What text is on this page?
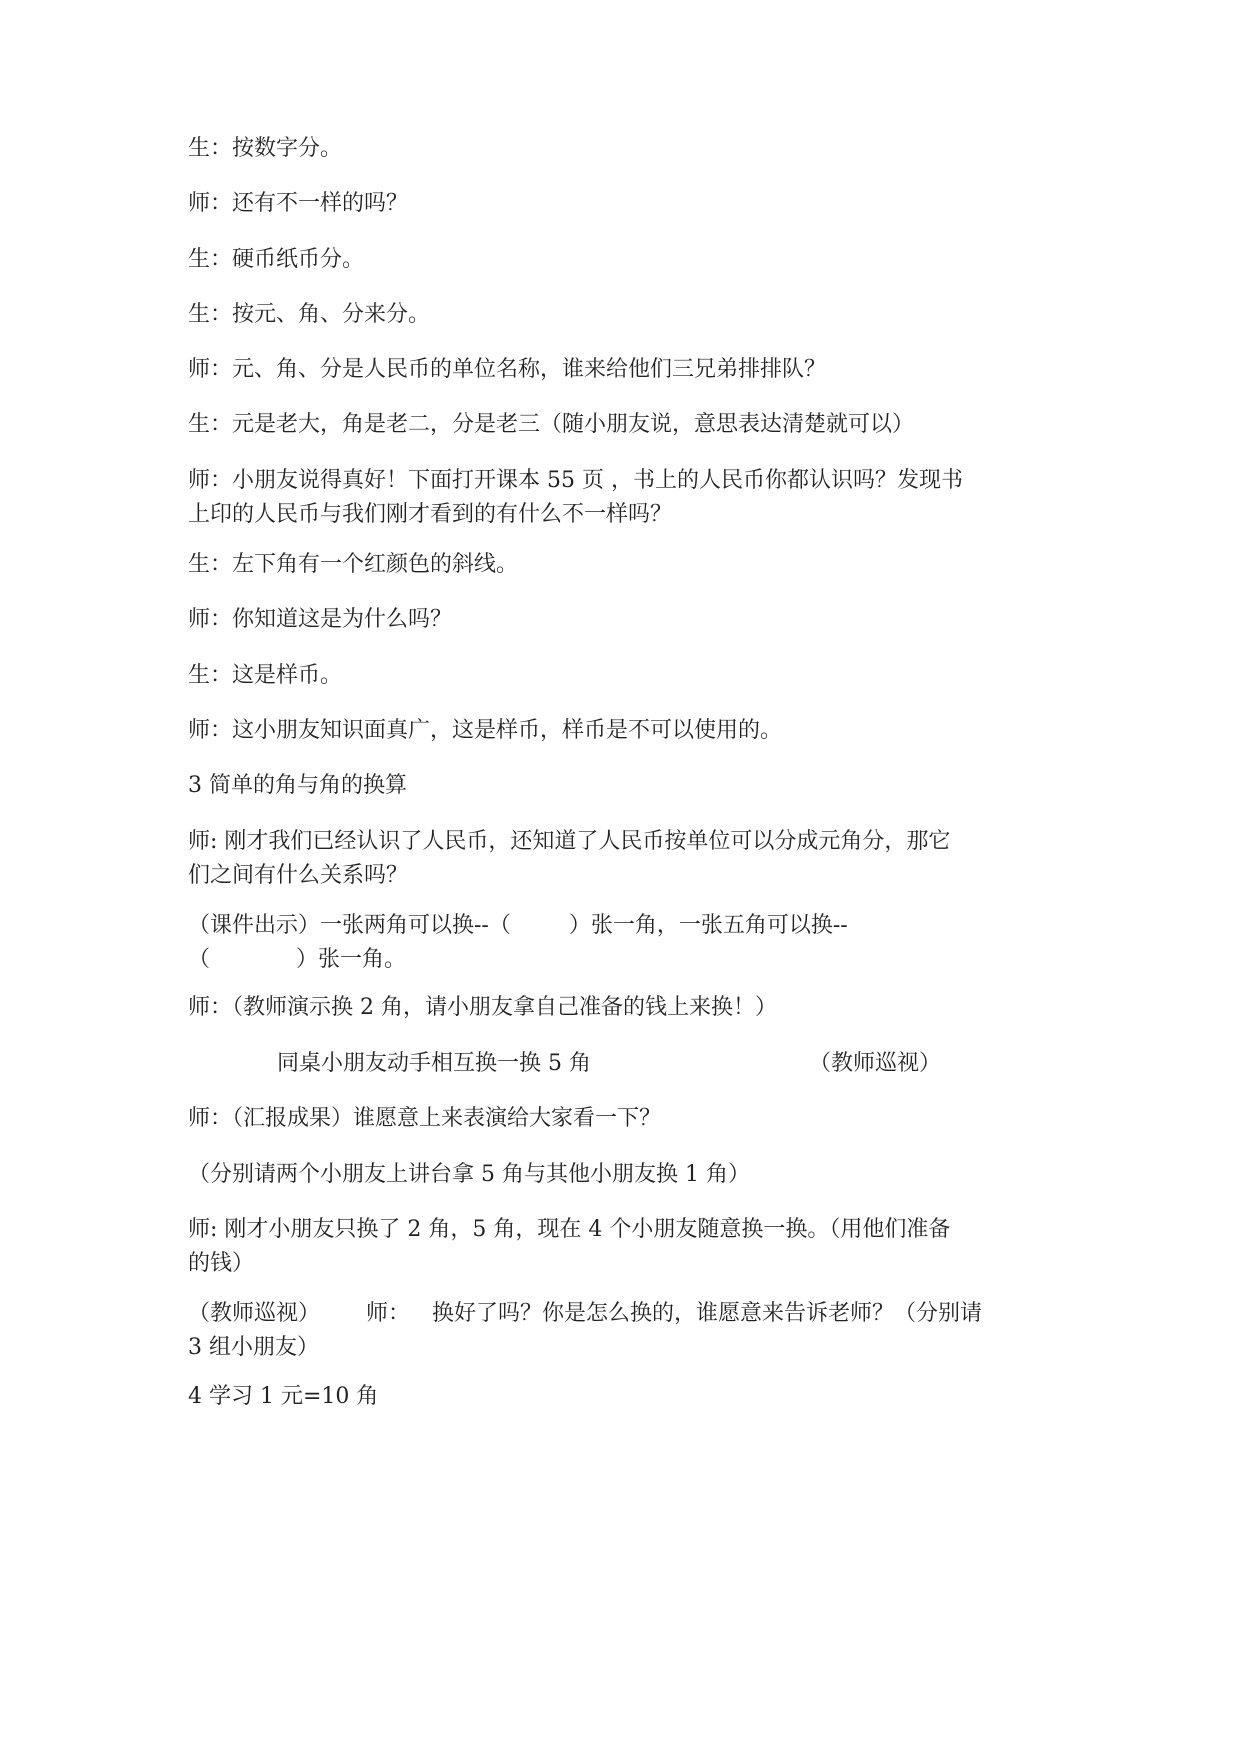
生：按数字分。

师：还有不一样的吗？

生：硬币纸币分。

生：按元、角、分来分。

师：元、角、分是人民币的单位名称，谁来给他们三兄弟排排队？

生：元是老大，角是老二，分是老三（随小朋友说，意思表达清楚就可以）

师：小朋友说得真好！下面打开课本 55 页 ，书上的人民币你都认识吗？发现书
上印的人民币与我们刚才看到的有什么不一样吗？

生：左下角有一个红颜色的斜线。

师：你知道这是为什么吗？

生：这是样币。

师：这小朋友知识面真广，这是样币，样币是不可以使用的。

3 简单的角与角的换算

师: 刚才我们已经认识了人民币，还知道了人民币按单位可以分成元角分，那它
们之间有什么关系吗？
（课件出示）一张两角可以换--（	）张一角，一张五角可以换--
（	）张一角。

师：（教师演示换 2 角，请小朋友拿自己准备的钱上来换！）

同桌小朋友动手相互换一换 5 角	（教师巡视）

师：（汇报成果）谁愿意上来表演给大家看一下？

（分别请两个小朋友上讲台拿 5 角与其他小朋友换 1 角）

师: 刚才小朋友只换了 2 角，5 角，现在 4 个小朋友随意换一换。（用他们准备
的钱）
（教师巡视） 师： 换好了吗？你是怎么换的，谁愿意来告诉老师？（分别请
3 组小朋友）

4 学习 1 元=10 角
